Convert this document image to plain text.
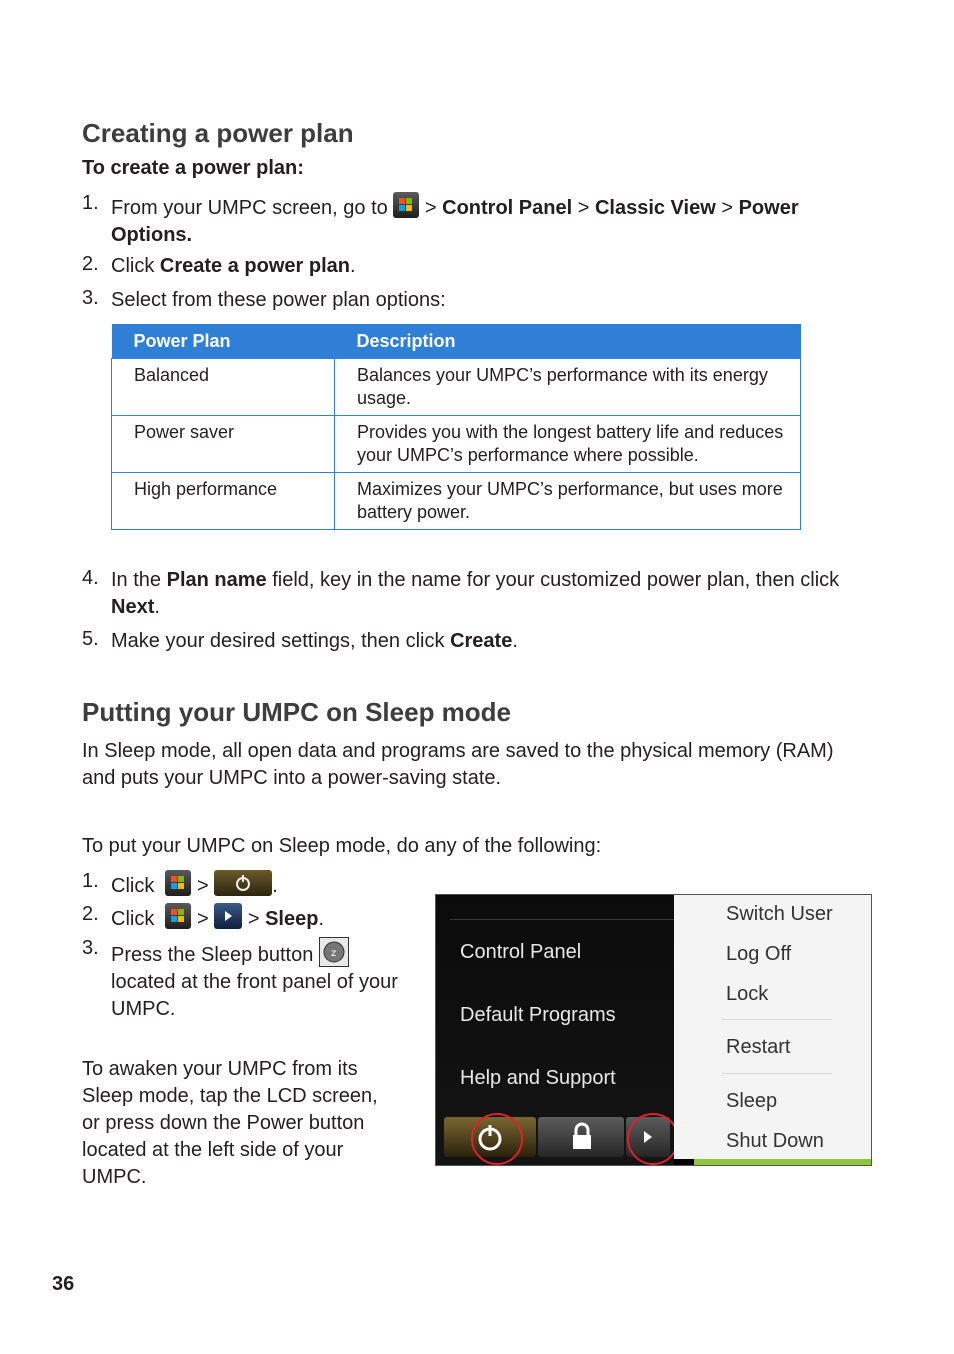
Creating a power plan
To create a power plan:
1. From your UMPC screen, go to > Control Panel > Classic View > Power
Options.
2. Click Create a power plan.
3. Select from these power plan options:
Power Plan	Description
Balanced	Balances your UMPC’s performance with its energy usage.
Power saver	Provides you with the longest battery life and reduces your UMPC’s performance where possible.
High performance	Maximizes your UMPC’s performance, but uses more battery power.
4. In the Plan name field, key in the name for your customized power plan, then click
Next.
5. Make your desired settings, then click Create.
Putting your UMPC on Sleep mode
In Sleep mode, all open data and programs are saved to the physical memory (RAM) and puts your UMPC into a power-saving state.
To put your UMPC on Sleep mode, do any of the following:
1. Click >	.
2. Click > > Sleep.
3. Press the Sleep button z

located at the front panel of your
UMPC.
To awaken your UMPC from its
Sleep mode, tap the LCD screen,
or press down the Power button
located at the left side of your
UMPC.
Control Panel
Default Programs
Help and Support
Switch User
Log Off
Lock
Restart
Sleep
Shut Down
36
